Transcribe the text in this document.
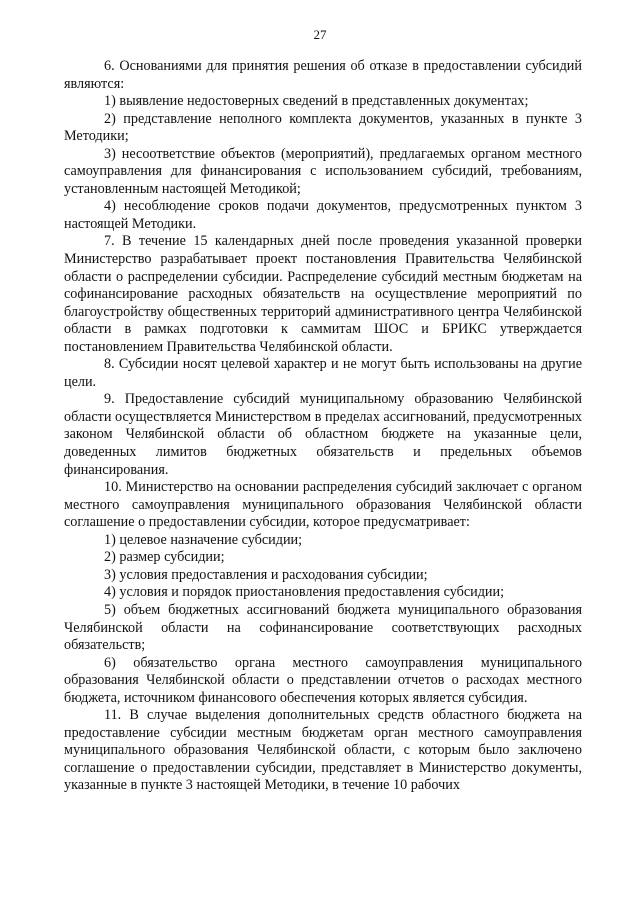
27

6. Основаниями для принятия решения об отказе в предоставлении субсидий являются:

1) выявление недостоверных сведений в представленных документах;

2) представление неполного комплекта документов, указанных в пункте 3 Методики;

3) несоответствие объектов (мероприятий), предлагаемых органом местного самоуправления для финансирования с использованием субсидий, требованиям, установленным настоящей Методикой;

4) несоблюдение сроков подачи документов, предусмотренных пунктом 3 настоящей Методики.

7. В течение 15 календарных дней после проведения указанной проверки Министерство разрабатывает проект постановления Правительства Челябинской области о распределении субсидии. Распределение субсидий местным бюджетам на софинансирование расходных обязательств на осуществление мероприятий по благоустройству общественных территорий административного центра Челябинской области в рамках подготовки к саммитам ШОС и БРИКС утверждается постановлением Правительства Челябинской области.

8. Субсидии носят целевой характер и не могут быть использованы на другие цели.

9. Предоставление субсидий муниципальному образованию Челябинской области осуществляется Министерством в пределах ассигнований, предусмотренных законом Челябинской области об областном бюджете на указанные цели, доведенных лимитов бюджетных обязательств и предельных объемов финансирования.

10. Министерство на основании распределения субсидий заключает с органом местного самоуправления муниципального образования Челябинской области соглашение о предоставлении субсидии, которое предусматривает:

1) целевое назначение субсидии;

2) размер субсидии;

3) условия предоставления и расходования субсидии;

4) условия и порядок приостановления предоставления субсидии;

5) объем бюджетных ассигнований бюджета муниципального образования Челябинской области на софинансирование соответствующих расходных обязательств;

6) обязательство органа местного самоуправления муниципального образования Челябинской области о представлении отчетов о расходах местного бюджета, источником финансового обеспечения которых является субсидия.

11. В случае выделения дополнительных средств областного бюджета на предоставление субсидии местным бюджетам орган местного самоуправления муниципального образования Челябинской области, с которым было заключено соглашение о предоставлении субсидии, представляет в Министерство документы, указанные в пункте 3 настоящей Методики, в течение 10 рабочих
